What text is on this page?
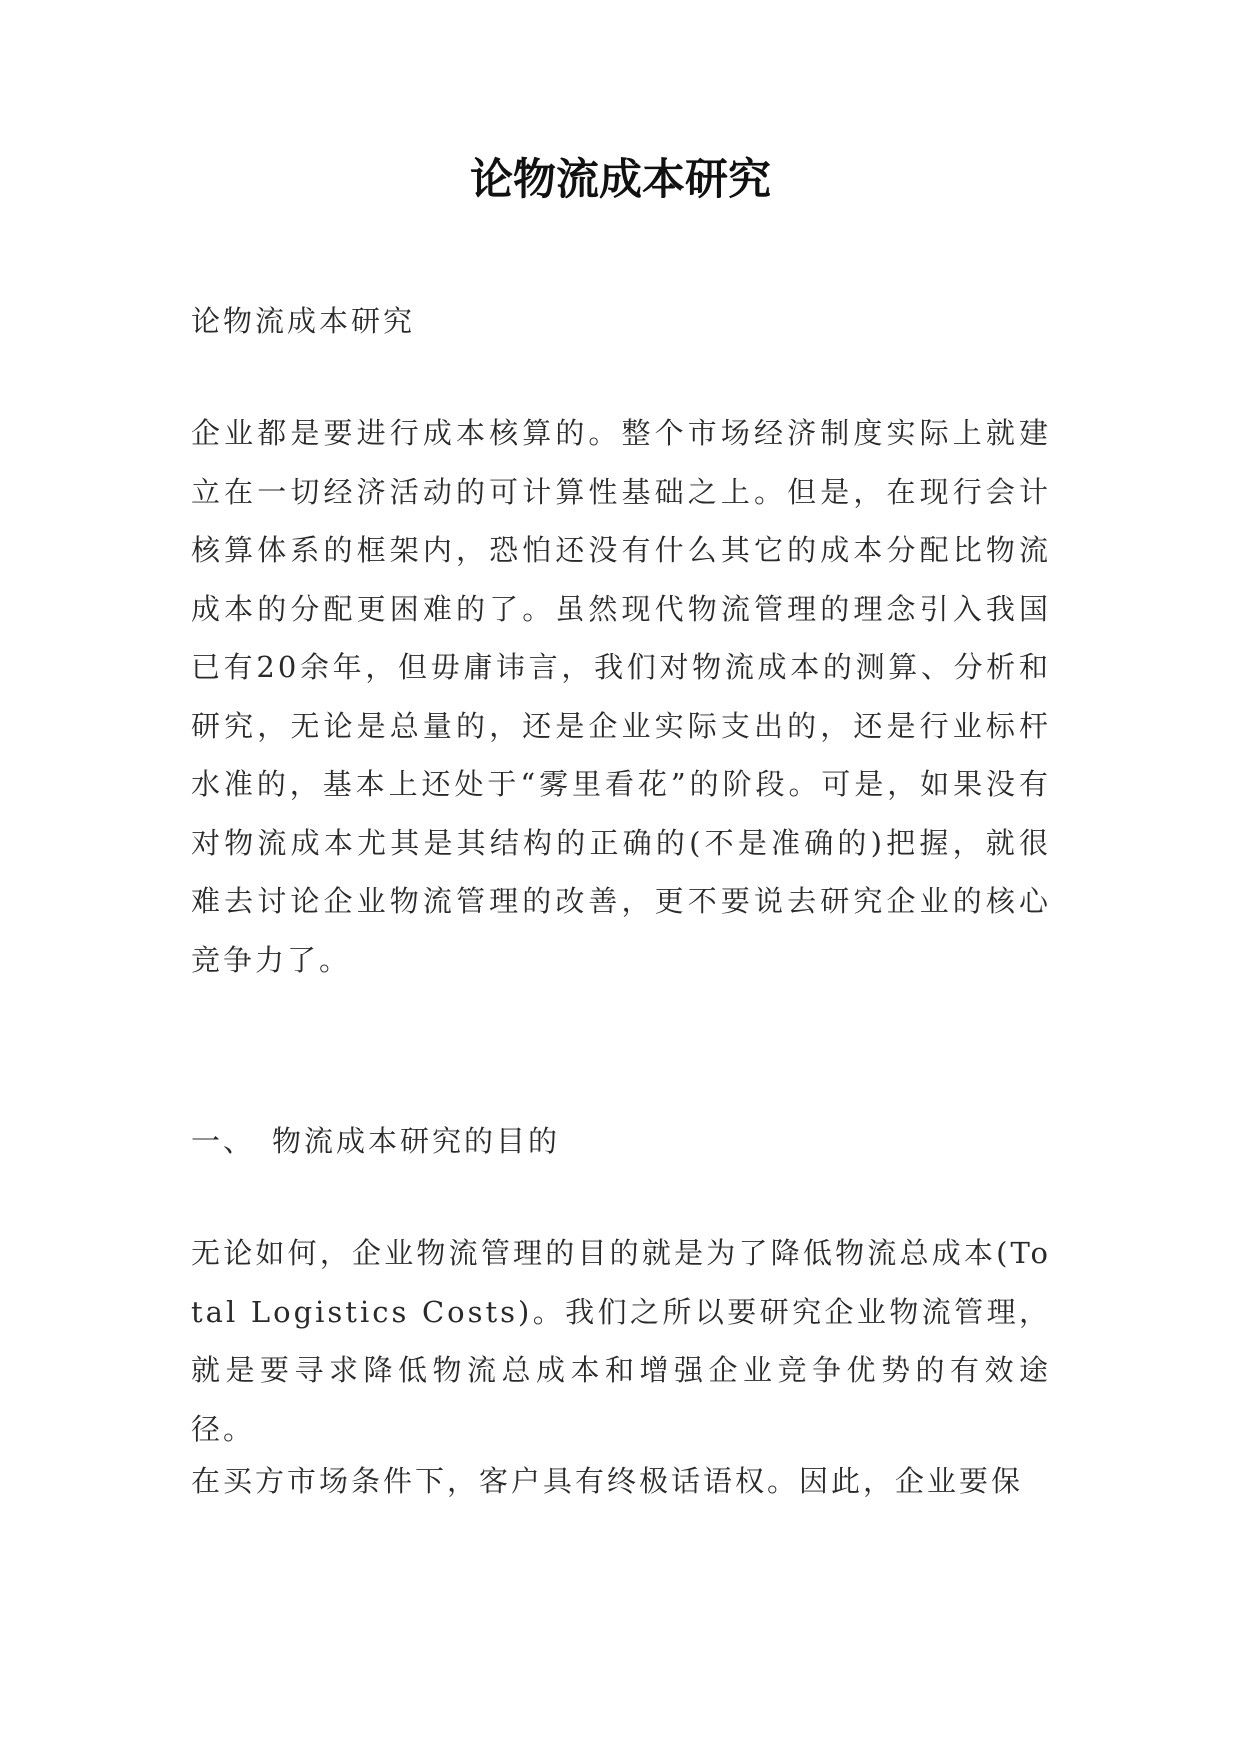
论物流成本研究

论物流成本研究

企业都是要进行成本核算的。整个市场经济制度实际上就建立在一切经济活动的可计算性基础之上。但是，在现行会计核算体系的框架内，恐怕还没有什么其它的成本分配比物流成本的分配更困难的了。虽然现代物流管理的理念引入我国已有20余年，但毋庸讳言，我们对物流成本的测算、分析和研究，无论是总量的，还是企业实际支出的，还是行业标杆水准的，基本上还处于“雾里看花”的阶段。可是，如果没有对物流成本尤其是其结构的正确的(不是准确的)把握，就很难去讨论企业物流管理的改善，更不要说去研究企业的核心竞争力了。

一、 物流成本研究的目的

无论如何，企业物流管理的目的就是为了降低物流总成本(Total Logistics Costs)。我们之所以要研究企业物流管理，就是要寻求降低物流总成本和增强企业竞争优势的有效途径。

在买方市场条件下，客户具有终极话语权。因此，企业要保
